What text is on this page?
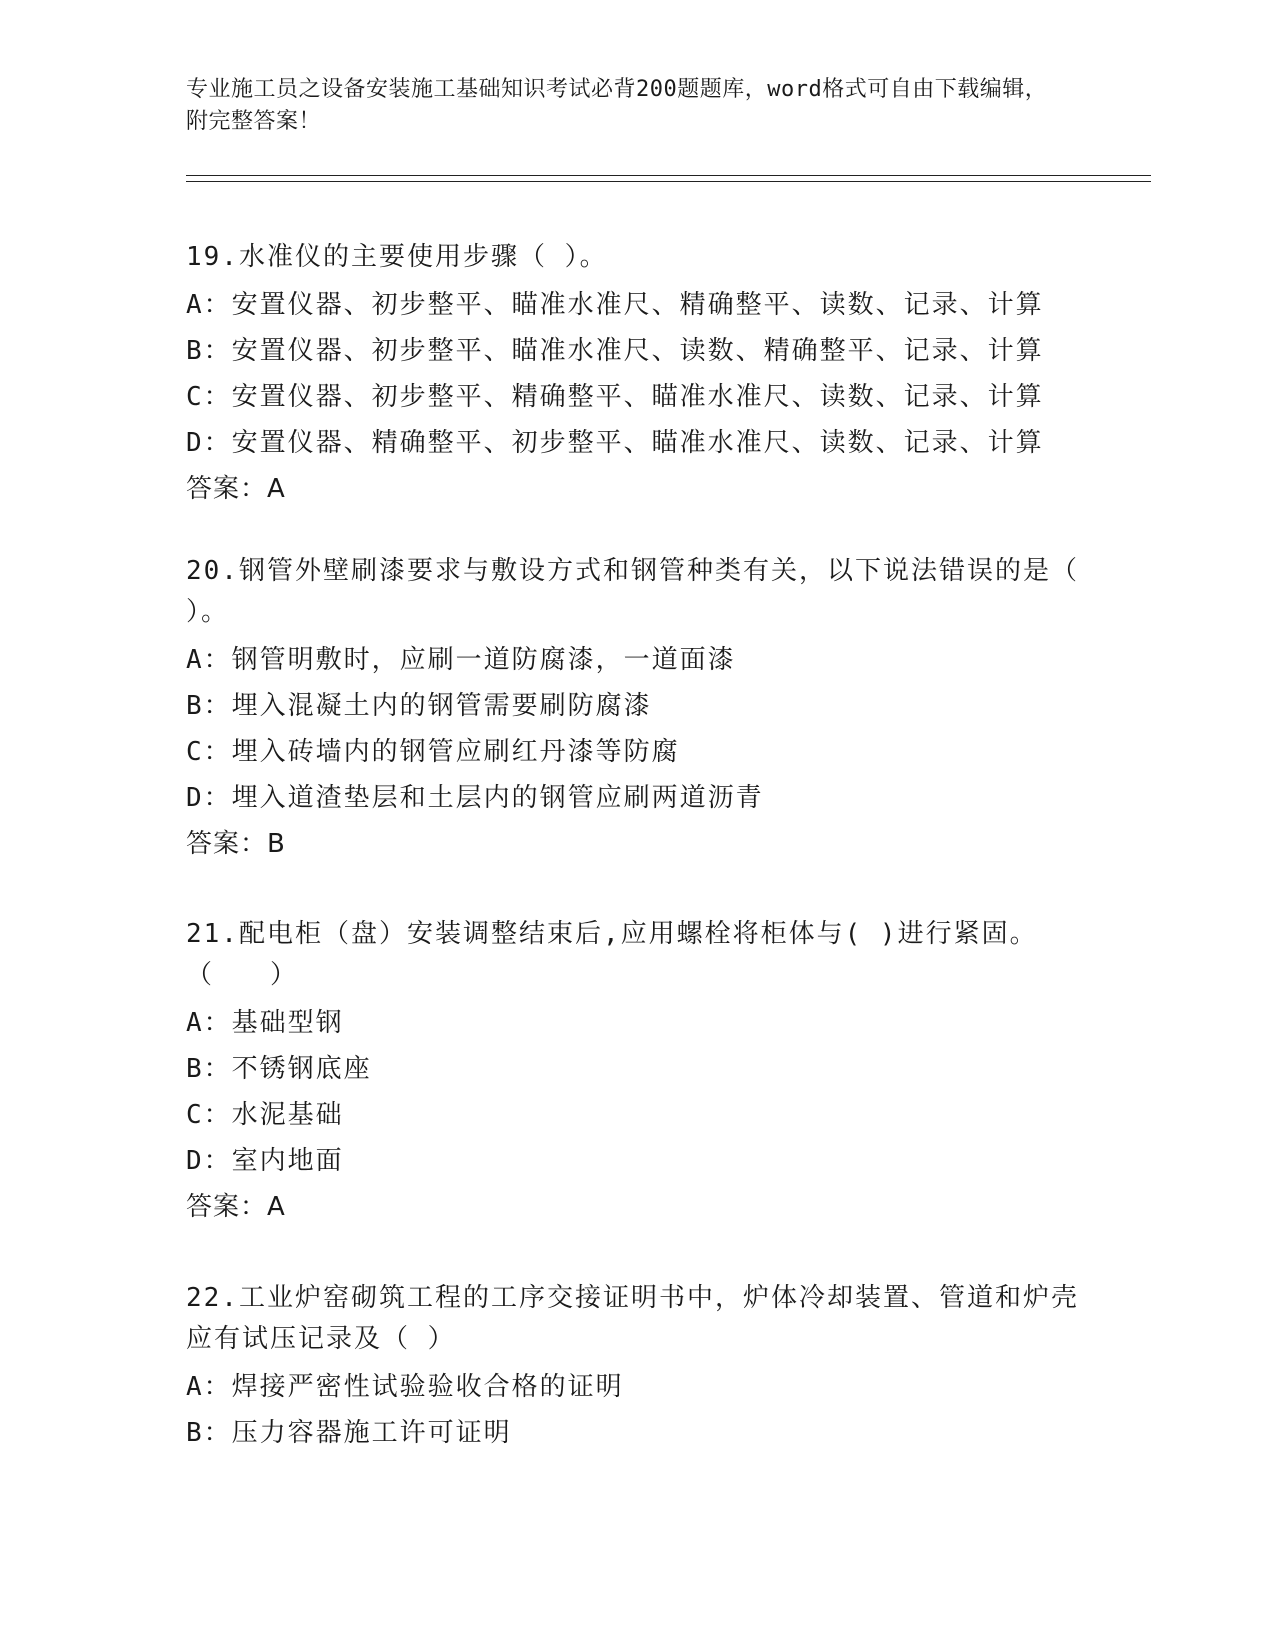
专业施工员之设备安装施工基础知识考试必背200题题库，word格式可自由下载编辑，附完整答案！
19.水准仪的主要使用步骤（ ）。
A：安置仪器、初步整平、瞄准水准尺、精确整平、读数、记录、计算
B：安置仪器、初步整平、瞄准水准尺、读数、精确整平、记录、计算
C：安置仪器、初步整平、精确整平、瞄准水准尺、读数、记录、计算
D：安置仪器、精确整平、初步整平、瞄准水准尺、读数、记录、计算
答案：A
20.钢管外壁刷漆要求与敷设方式和钢管种类有关，以下说法错误的是（ ）。
A：钢管明敷时，应刷一道防腐漆，一道面漆
B：埋入混凝土内的钢管需要刷防腐漆
C：埋入砖墙内的钢管应刷红丹漆等防腐
D：埋入道渣垫层和土层内的钢管应刷两道沥青
答案：B
21.配电柜（盘）安装调整结束后,应用螺栓将柜体与( )进行紧固。（　　）
A：基础型钢
B：不锈钢底座
C：水泥基础
D：室内地面
答案：A
22.工业炉窑砌筑工程的工序交接证明书中，炉体冷却装置、管道和炉壳应有试压记录及（ ）
A：焊接严密性试验验收合格的证明
B：压力容器施工许可证明
